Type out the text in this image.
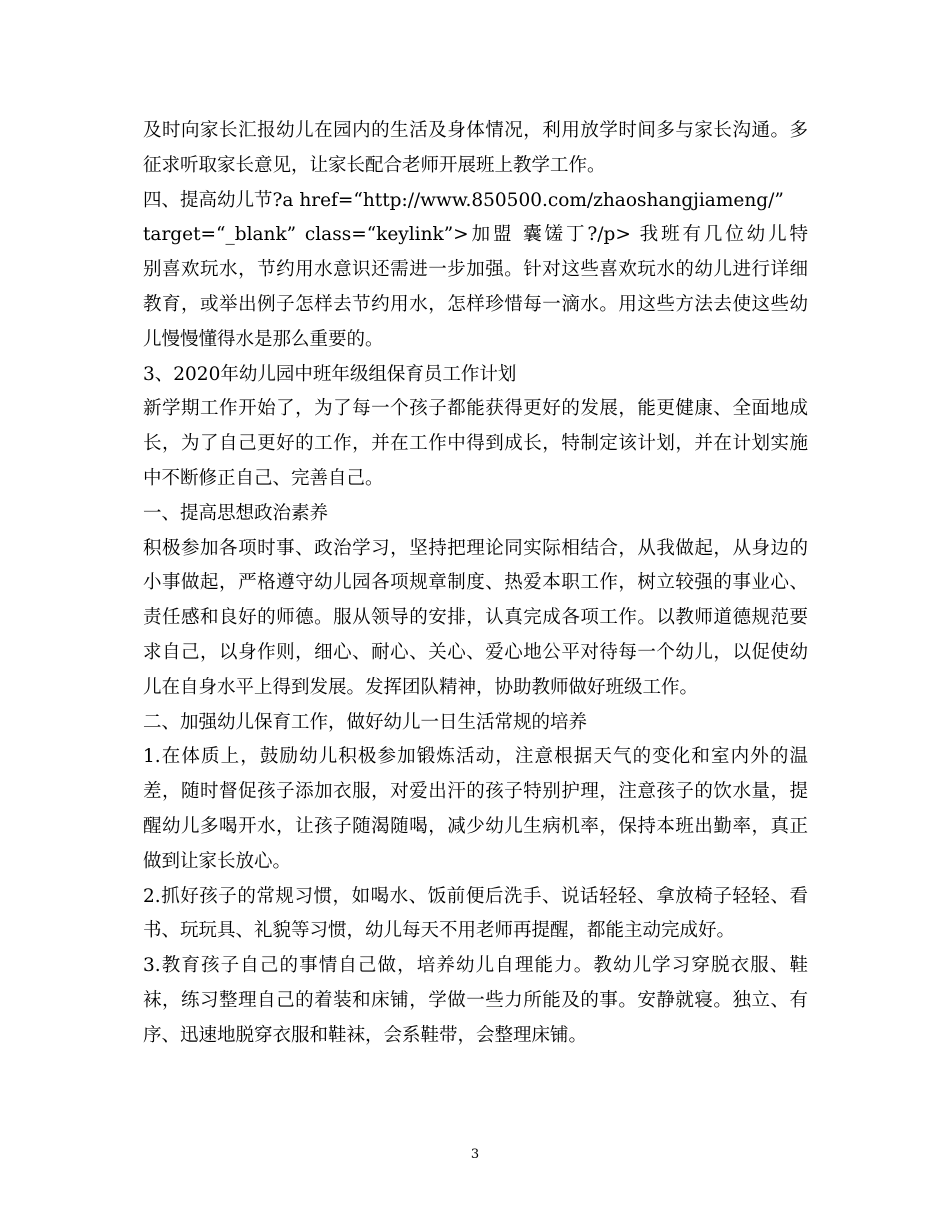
及时向家长汇报幼儿在园内的生活及身体情况，利用放学时间多与家长沟通。多
征求听取家长意见，让家长配合老师开展班上教学工作。
四、提高幼儿节?a href=“http://www.850500.com/zhaoshangjiameng/”
target=“_blank” class=“keylink”>加盟 囊馐丁?/p> 我班有几位幼儿特
别喜欢玩水，节约用水意识还需进一步加强。针对这些喜欢玩水的幼儿进行详细
教育，或举出例子怎样去节约用水，怎样珍惜每一滴水。用这些方法去使这些幼
儿慢慢懂得水是那么重要的。
3、2020年幼儿园中班年级组保育员工作计划
新学期工作开始了，为了每一个孩子都能获得更好的发展，能更健康、全面地成
长，为了自己更好的工作，并在工作中得到成长，特制定该计划，并在计划实施
中不断修正自己、完善自己。
一、提高思想政治素养
积极参加各项时事、政治学习，坚持把理论同实际相结合，从我做起，从身边的
小事做起，严格遵守幼儿园各项规章制度、热爱本职工作，树立较强的事业心、
责任感和良好的师德。服从领导的安排，认真完成各项工作。以教师道德规范要
求自己，以身作则，细心、耐心、关心、爱心地公平对待每一个幼儿，以促使幼
儿在自身水平上得到发展。发挥团队精神，协助教师做好班级工作。
二、加强幼儿保育工作，做好幼儿一日生活常规的培养
1.在体质上，鼓励幼儿积极参加锻炼活动，注意根据天气的变化和室内外的温
差，随时督促孩子添加衣服，对爱出汗的孩子特别护理，注意孩子的饮水量，提
醒幼儿多喝开水，让孩子随渴随喝，减少幼儿生病机率，保持本班出勤率，真正
做到让家长放心。
2.抓好孩子的常规习惯，如喝水、饭前便后洗手、说话轻轻、拿放椅子轻轻、看
书、玩玩具、礼貌等习惯，幼儿每天不用老师再提醒，都能主动完成好。
3.教育孩子自己的事情自己做，培养幼儿自理能力。教幼儿学习穿脱衣服、鞋
袜，练习整理自己的着装和床铺，学做一些力所能及的事。安静就寝。独立、有
序、迅速地脱穿衣服和鞋袜，会系鞋带，会整理床铺。
3
